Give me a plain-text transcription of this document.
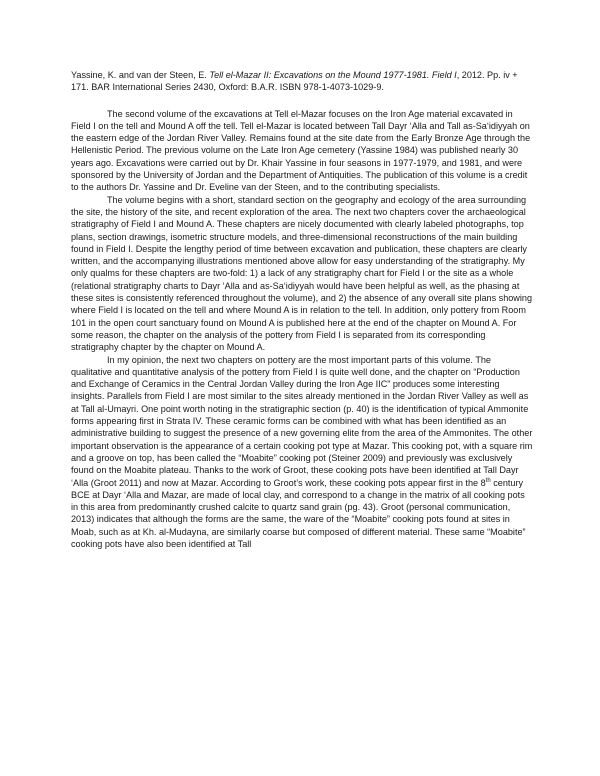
Yassine, K. and van der Steen, E. Tell el-Mazar II: Excavations on the Mound 1977-1981. Field I, 2012. Pp. iv + 171. BAR International Series 2430, Oxford: B.A.R. ISBN 978-1-4073-1029-9.

The second volume of the excavations at Tell el-Mazar focuses on the Iron Age material excavated in Field I on the tell and Mound A off the tell. Tell el-Mazar is located between Tall Dayr ‘Alla and Tall as-Sa‘idiyyah on the eastern edge of the Jordan River Valley. Remains found at the site date from the Early Bronze Age through the Hellenistic Period. The previous volume on the Late Iron Age cemetery (Yassine 1984) was published nearly 30 years ago. Excavations were carried out by Dr. Khair Yassine in four seasons in 1977-1979, and 1981, and were sponsored by the University of Jordan and the Department of Antiquities. The publication of this volume is a credit to the authors Dr. Yassine and Dr. Eveline van der Steen, and to the contributing specialists.

The volume begins with a short, standard section on the geography and ecology of the area surrounding the site, the history of the site, and recent exploration of the area. The next two chapters cover the archaeological stratigraphy of Field I and Mound A. These chapters are nicely documented with clearly labeled photographs, top plans, section drawings, isometric structure models, and three-dimensional reconstructions of the main building found in Field I. Despite the lengthy period of time between excavation and publication, these chapters are clearly written, and the accompanying illustrations mentioned above allow for easy understanding of the stratigraphy. My only qualms for these chapters are two-fold: 1) a lack of any stratigraphy chart for Field I or the site as a whole (relational stratigraphy charts to Dayr ‘Alla and as-Sa‘idiyyah would have been helpful as well, as the phasing at these sites is consistently referenced throughout the volume), and 2) the absence of any overall site plans showing where Field I is located on the tell and where Mound A is in relation to the tell. In addition, only pottery from Room 101 in the open court sanctuary found on Mound A is published here at the end of the chapter on Mound A. For some reason, the chapter on the analysis of the pottery from Field I is separated from its corresponding stratigraphy chapter by the chapter on Mound A.

In my opinion, the next two chapters on pottery are the most important parts of this volume. The qualitative and quantitative analysis of the pottery from Field I is quite well done, and the chapter on “Production and Exchange of Ceramics in the Central Jordan Valley during the Iron Age IIC” produces some interesting insights. Parallels from Field I are most similar to the sites already mentioned in the Jordan River Valley as well as at Tall al-Umayri. One point worth noting in the stratigraphic section (p. 40) is the identification of typical Ammonite forms appearing first in Strata IV. These ceramic forms can be combined with what has been identified as an administrative building to suggest the presence of a new governing elite from the area of the Ammonites. The other important observation is the appearance of a certain cooking pot type at Mazar. This cooking pot, with a square rim and a groove on top, has been called the “Moabite” cooking pot (Steiner 2009) and previously was exclusively found on the Moabite plateau. Thanks to the work of Groot, these cooking pots have been identified at Tall Dayr ‘Alla (Groot 2011) and now at Mazar. According to Groot’s work, these cooking pots appear first in the 8th century BCE at Dayr ‘Alla and Mazar, are made of local clay, and correspond to a change in the matrix of all cooking pots in this area from predominantly crushed calcite to quartz sand grain (pg. 43). Groot (personal communication, 2013) indicates that although the forms are the same, the ware of the “Moabite” cooking pots found at sites in Moab, such as at Kh. al-Mudayna, are similarly coarse but composed of different material. These same “Moabite” cooking pots have also been identified at Tall
